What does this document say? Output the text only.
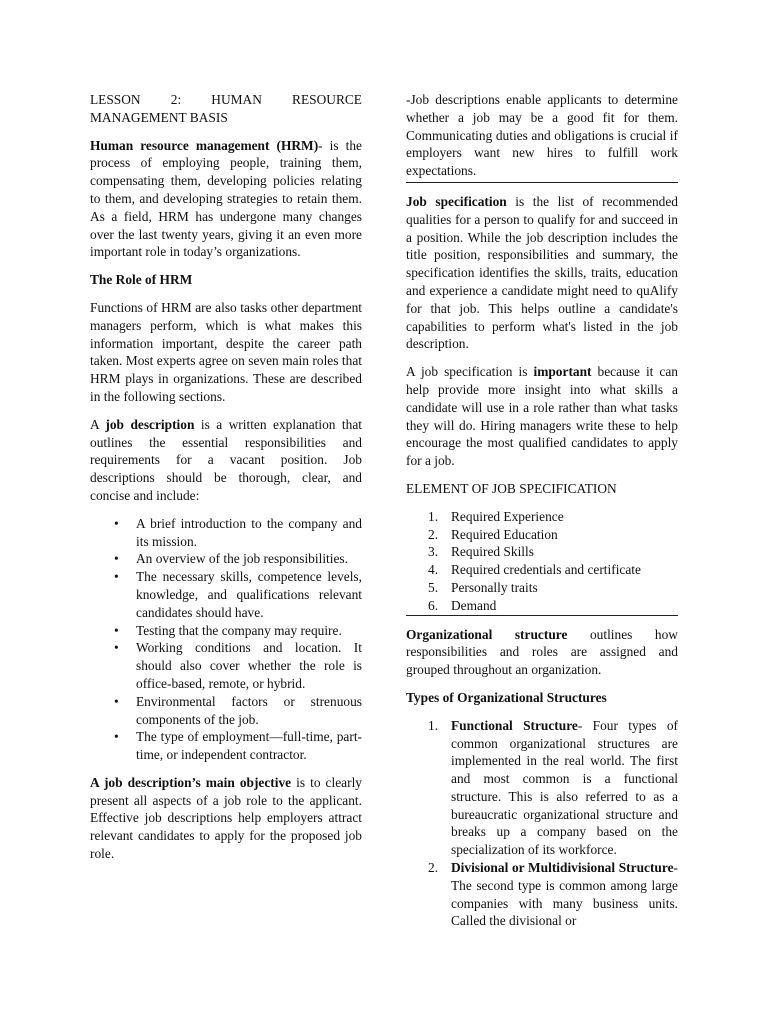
LESSON 2: HUMAN RESOURCE MANAGEMENT BASIS

Human resource management (HRM)- is the process of employing people, training them, compensating them, developing policies relating to them, and developing strategies to retain them. As a field, HRM has undergone many changes over the last twenty years, giving it an even more important role in today’s organizations.

The Role of HRM

Functions of HRM are also tasks other department managers perform, which is what makes this information important, despite the career path taken. Most experts agree on seven main roles that HRM plays in organizations. These are described in the following sections.

A job description is a written explanation that outlines the essential responsibilities and requirements for a vacant position. Job descriptions should be thorough, clear, and concise and include:

• A brief introduction to the company and its mission.
• An overview of the job responsibilities.
• The necessary skills, competence levels, knowledge, and qualifications relevant candidates should have.
• Testing that the company may require.
• Working conditions and location. It should also cover whether the role is office-based, remote, or hybrid.
• Environmental factors or strenuous components of the job.
• The type of employment—full-time, part-time, or independent contractor.

A job description’s main objective is to clearly present all aspects of a job role to the applicant. Effective job descriptions help employers attract relevant candidates to apply for the proposed job role.

-Job descriptions enable applicants to determine whether a job may be a good fit for them. Communicating duties and obligations is crucial if employers want new hires to fulfill work expectations.

Job specification is the list of recommended qualities for a person to qualify for and succeed in a position. While the job description includes the title position, responsibilities and summary, the specification identifies the skills, traits, education and experience a candidate might need to quAlify for that job. This helps outline a candidate's capabilities to perform what's listed in the job description.

A job specification is important because it can help provide more insight into what skills a candidate will use in a role rather than what tasks they will do. Hiring managers write these to help encourage the most qualified candidates to apply for a job.

ELEMENT OF JOB SPECIFICATION

1. Required Experience
2. Required Education
3. Required Skills
4. Required credentials and certificate
5. Personally traits
6. Demand

Organizational structure outlines how responsibilities and roles are assigned and grouped throughout an organization.

Types of Organizational Structures

1. Functional Structure- Four types of common organizational structures are implemented in the real world. The first and most common is a functional structure. This is also referred to as a bureaucratic organizational structure and breaks up a company based on the specialization of its workforce.
2. Divisional or Multidivisional Structure- The second type is common among large companies with many business units. Called the divisional or
